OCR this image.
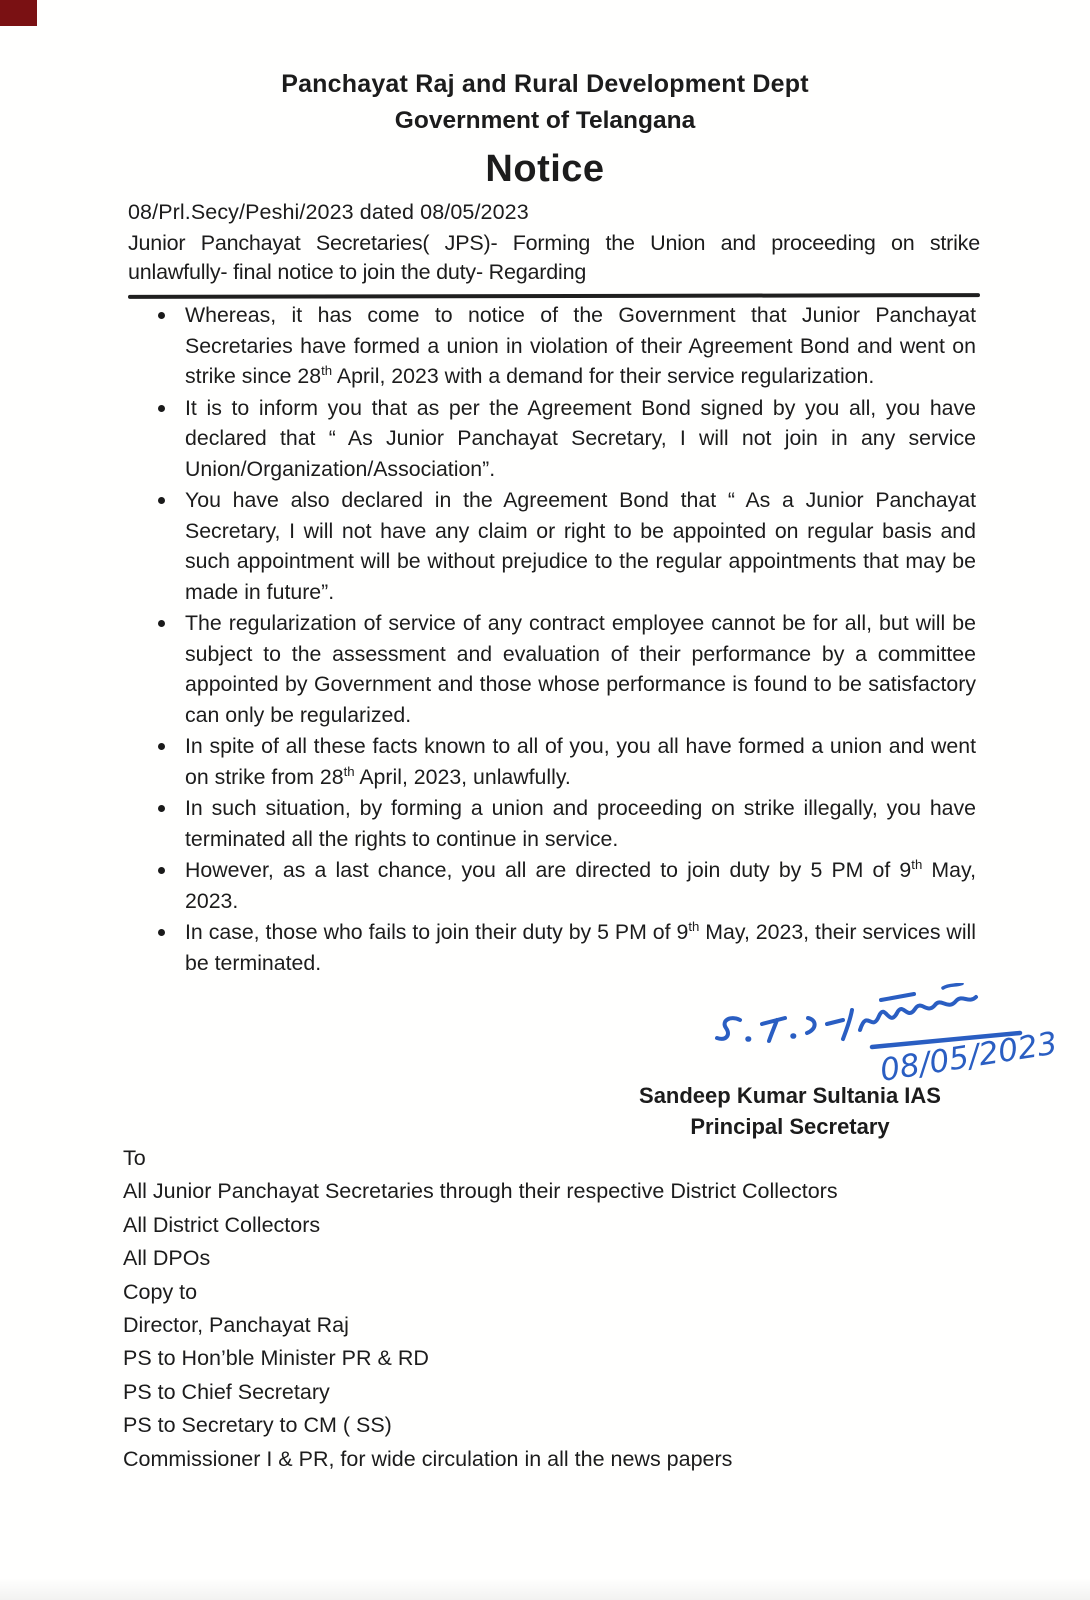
Panchayat Raj and Rural Development Dept
Government of Telangana
Notice
08/Prl.Secy/Peshi/2023 dated 08/05/2023
Junior Panchayat Secretaries( JPS)- Forming the Union and proceeding on strike unlawfully- final notice to join the duty- Regarding
Whereas, it has come to notice of the Government that Junior Panchayat Secretaries have formed a union in violation of their Agreement Bond and went on strike since 28th April, 2023 with a demand for their service regularization.
It is to inform you that as per the Agreement Bond signed by you all, you have declared that “ As Junior Panchayat Secretary, I will not join in any service Union/Organization/Association”.
You have also declared in the Agreement Bond that “ As a Junior Panchayat Secretary, I will not have any claim or right to be appointed on regular basis and such appointment will be without prejudice to the regular appointments that may be made in future”.
The regularization of service of any contract employee cannot be for all, but will be subject to the assessment and evaluation of their performance by a committee appointed by Government and those whose performance is found to be satisfactory can only be regularized.
In spite of all these facts known to all of you, you all have formed a union and went on strike from 28th April, 2023, unlawfully.
In such situation, by forming a union and proceeding on strike illegally, you have terminated all the rights to continue in service.
However, as a last chance, you all are directed to join duty by 5 PM of 9th May, 2023.
In case, those who fails to join their duty by 5 PM of 9th May, 2023, their services will be terminated.
08/05/2023
Sandeep Kumar Sultania IAS
Principal Secretary
To
All Junior Panchayat Secretaries through their respective District Collectors
All District Collectors
All DPOs
Copy to
Director, Panchayat Raj
PS to Hon’ble Minister PR & RD
PS to Chief Secretary
PS to Secretary to CM ( SS)
Commissioner I & PR, for wide circulation in all the news papers
